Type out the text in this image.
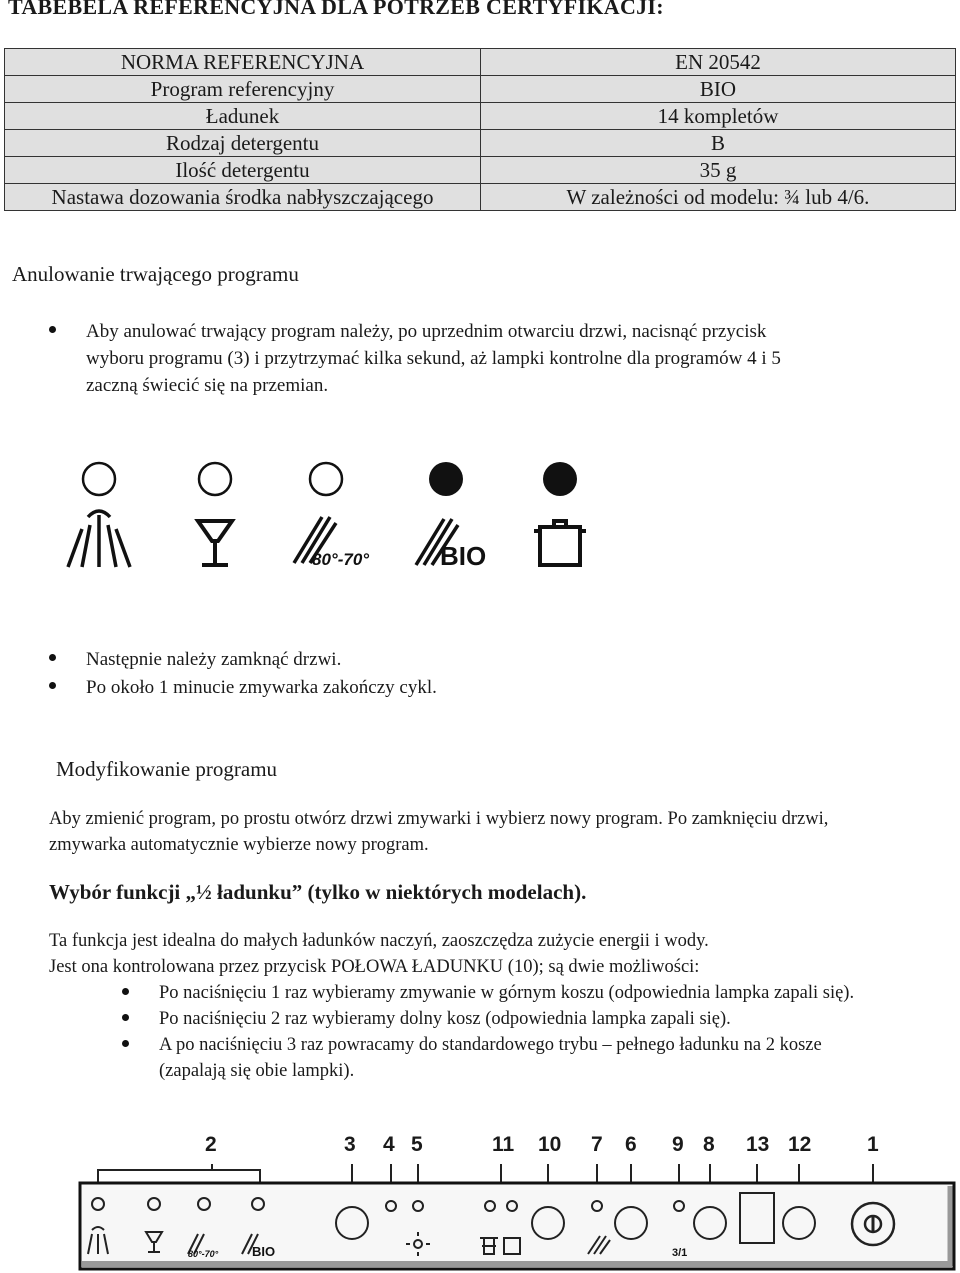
TABEBELA REFERENCYJNA DLA POTRZEB CERTYFIKACJI:
NORMA REFERENCYJNA	EN 20542
Program referencyjny	BIO
Ładunek	14 kompletów
Rodzaj detergentu	B
Ilość detergentu	35 g
Nastawa dozowania środka nabłyszczającego	W zależności od modelu: ¾ lub 4/6.
Anulowanie trwającego programu
Aby anulować trwający program należy, po uprzednim otwarciu drzwi, nacisnąć przycisk
wyboru programu (3) i przytrzymać kilka sekund, aż lampki kontrolne dla programów 4 i 5
zaczną świecić się na przemian.
80°-70°	BIO
Następnie należy zamknąć drzwi.
Po około 1 minucie zmywarka zakończy cykl.
Modyfikowanie programu
Aby zmienić program, po prostu otwórz drzwi zmywarki i wybierz nowy program. Po zamknięciu drzwi,
zmywarka automatycznie wybierze nowy program.
Wybór funkcji „½ ładunku” (tylko w niektórych modelach).
Ta funkcja jest idealna do małych ładunków naczyń, zaoszczędza zużycie energii i wody.
Jest ona kontrolowana przez przycisk POŁOWA ŁADUNKU (10); są dwie możliwości:
Po naciśnięciu 1 raz wybieramy zmywanie w górnym koszu (odpowiednia lampka zapali się).
Po naciśnięciu 2 raz wybieramy dolny kosz (odpowiednia lampka zapali się).
A po naciśnięciu 3 raz powracamy do standardowego trybu – pełnego ładunku na 2 kosze
(zapalają się obie lampki).
2	3 4 5	11 10 7 6 9 8 13 12	1
3/1
80°-70°	BIO
